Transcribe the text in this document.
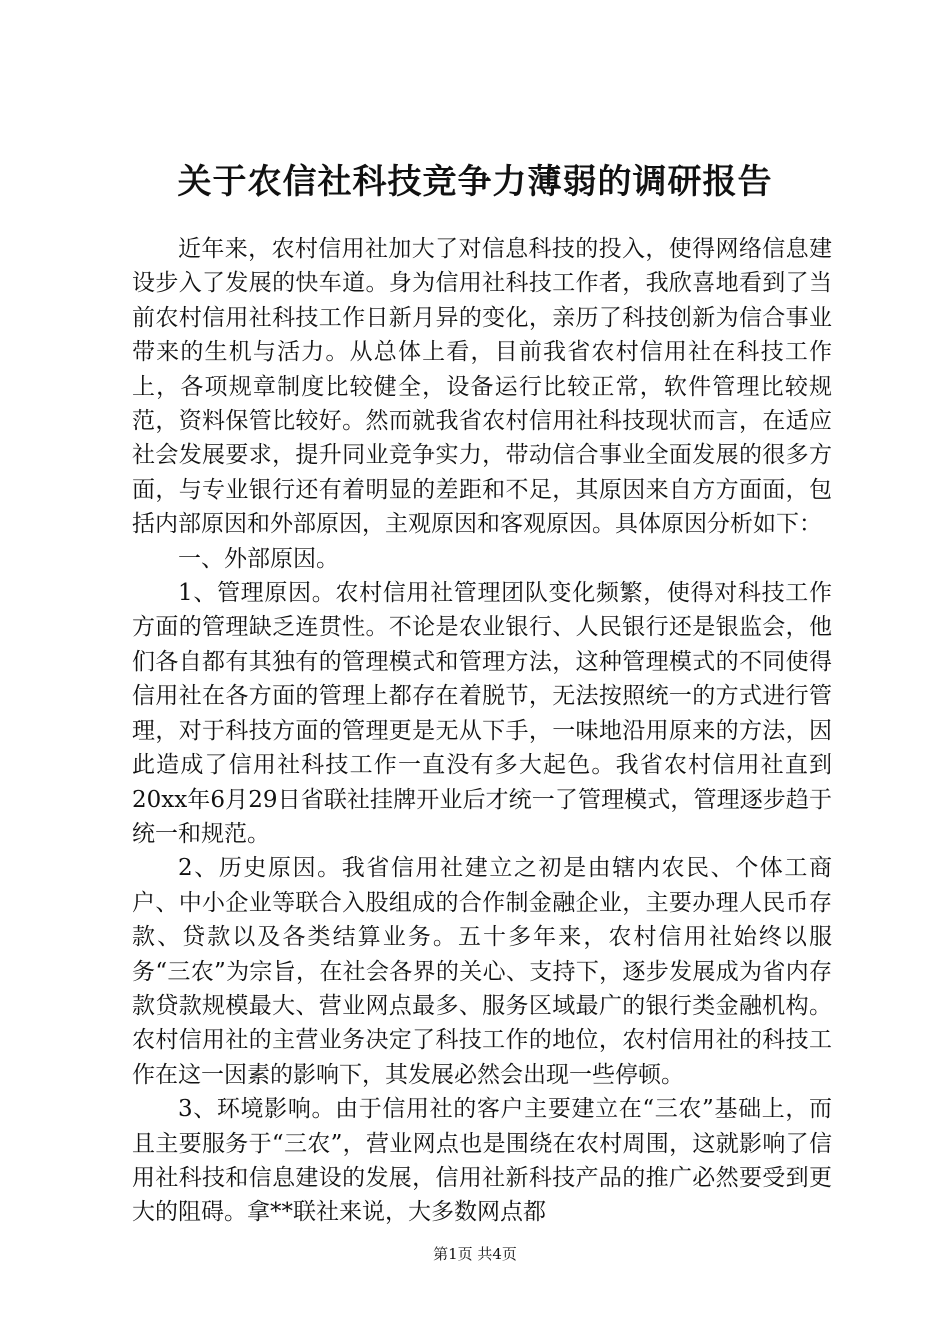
关于农信社科技竞争力薄弱的调研报告

近年来，农村信用社加大了对信息科技的投入，使得网络信息建设步入了发展的快车道。身为信用社科技工作者，我欣喜地看到了当前农村信用社科技工作日新月异的变化，亲历了科技创新为信合事业带来的生机与活力。从总体上看，目前我省农村信用社在科技工作上，各项规章制度比较健全，设备运行比较正常，软件管理比较规范，资料保管比较好。然而就我省农村信用社科技现状而言，在适应社会发展要求，提升同业竞争实力，带动信合事业全面发展的很多方面，与专业银行还有着明显的差距和不足，其原因来自方方面面，包括内部原因和外部原因，主观原因和客观原因。具体原因分析如下：

一、外部原因。

1、管理原因。农村信用社管理团队变化频繁，使得对科技工作方面的管理缺乏连贯性。不论是农业银行、人民银行还是银监会，他们各自都有其独有的管理模式和管理方法，这种管理模式的不同使得信用社在各方面的管理上都存在着脱节，无法按照统一的方式进行管理，对于科技方面的管理更是无从下手，一味地沿用原来的方法，因此造成了信用社科技工作一直没有多大起色。我省农村信用社直到20xx年6月29日省联社挂牌开业后才统一了管理模式，管理逐步趋于统一和规范。

2、历史原因。我省信用社建立之初是由辖内农民、个体工商户、中小企业等联合入股组成的合作制金融企业，主要办理人民币存款、贷款以及各类结算业务。五十多年来，农村信用社始终以服务“三农”为宗旨，在社会各界的关心、支持下，逐步发展成为省内存款贷款规模最大、营业网点最多、服务区域最广的银行类金融机构。农村信用社的主营业务决定了科技工作的地位，农村信用社的科技工作在这一因素的影响下，其发展必然会出现一些停顿。

3、环境影响。由于信用社的客户主要建立在“三农”基础上，而且主要服务于“三农”，营业网点也是围绕在农村周围，这就影响了信用社科技和信息建设的发展，信用社新科技产品的推广必然要受到更大的阻碍。拿**联社来说，大多数网点都

第1页 共4页
